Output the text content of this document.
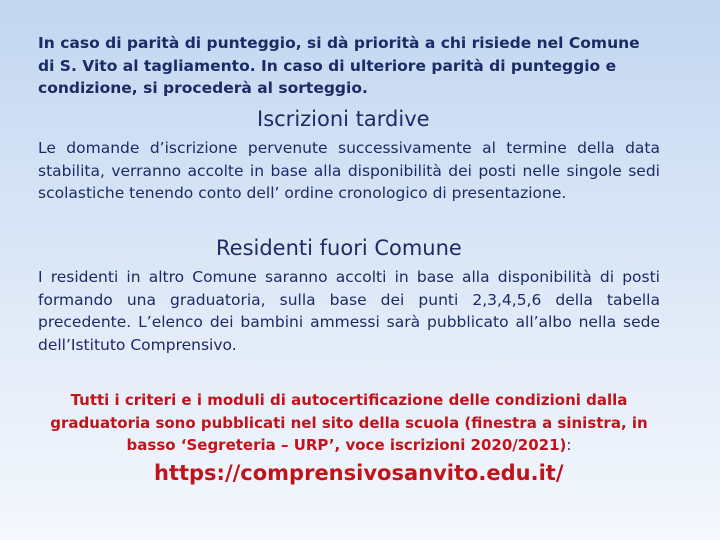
In caso di parità di punteggio, si dà priorità a chi risiede nel Comune di S. Vito al tagliamento. In caso di ulteriore parità di punteggio e condizione, si procederà al sorteggio.
Iscrizioni tardive
Le domande d’iscrizione pervenute successivamente al termine della data stabilita, verranno accolte in base alla disponibilità dei posti nelle singole sedi scolastiche tenendo conto dell’ ordine cronologico di presentazione.
Residenti fuori Comune
I residenti in altro Comune saranno accolti in base alla disponibilità di posti formando una graduatoria, sulla base dei punti 2,3,4,5,6 della tabella precedente. L’elenco dei bambini ammessi sarà pubblicato all’albo nella sede dell’Istituto Comprensivo.
Tutti i criteri e i moduli di autocertificazione delle condizioni dalla graduatoria sono pubblicati nel sito della scuola (finestra a sinistra, in basso ‘Segreteria – URP’, voce iscrizioni 2020/2021):
https://comprensivosanvito.edu.it/
